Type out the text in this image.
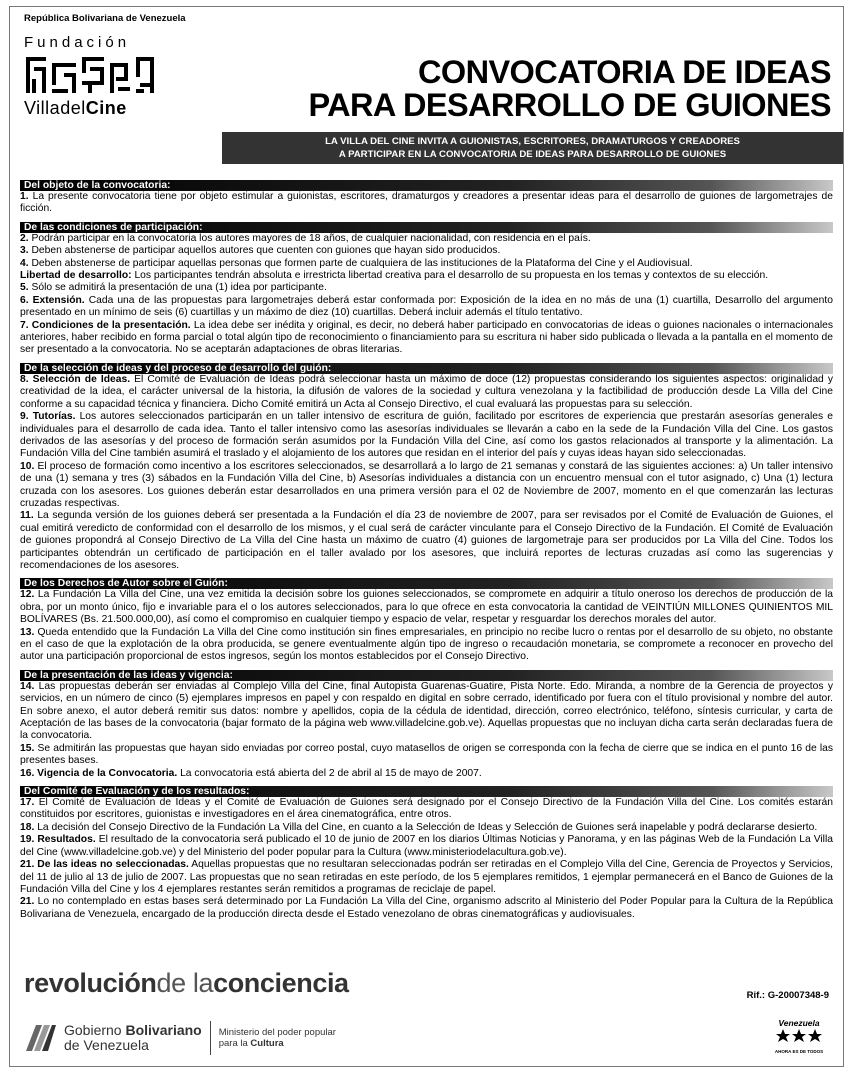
República Bolivariana de Venezuela
Fundación
VilladelCine
CONVOCATORIA DE IDEAS
PARA DESARROLLO DE GUIONES
LA VILLA DEL CINE INVITA A GUIONISTAS, ESCRITORES, DRAMATURGOS Y CREADORES
A PARTICIPAR EN LA CONVOCATORIA DE IDEAS PARA DESARROLLO DE GUIONES
Del objeto de la convocatoria:

1. La presente convocatoria tiene por objeto estimular a guionistas, escritores, dramaturgos y creadores a presentar ideas para el desarrollo de guiones de largometrajes de ficción.

De las condiciones de participación:

2. Podrán participar en la convocatoria los autores mayores de 18 años, de cualquier nacionalidad, con residencia en el país.

3. Deben abstenerse de participar aquellos autores que cuenten con guiones que hayan sido producidos.

4. Deben abstenerse de participar aquellas personas que formen parte de cualquiera de las instituciones de la Plataforma del Cine y el Audiovisual.

Libertad de desarrollo: Los participantes tendrán absoluta e irrestricta libertad creativa para el desarrollo de su propuesta en los temas y contextos de su elección.

5. Sólo se admitirá la presentación de una (1) idea por participante.

6. Extensión. Cada una de las propuestas para largometrajes deberá estar conformada por: Exposición de la idea en no más de una (1) cuartilla, Desarrollo del argumento presentado en un mínimo de seis (6) cuartillas y un máximo de diez (10) cuartillas. Deberá incluir además el título tentativo.

7. Condiciones de la presentación. La idea debe ser inédita y original, es decir, no deberá haber participado en convocatorias de ideas o guiones nacionales o internacionales anteriores, haber recibido en forma parcial o total algún tipo de reconocimiento o financiamiento para su escritura ni haber sido publicada o llevada a la pantalla en el momento de ser presentado a la convocatoria. No se aceptarán adaptaciones de obras literarias.

De la selección de ideas y del proceso de desarrollo del guión:

8. Selección de Ideas. El Comité de Evaluación de Ideas podrá seleccionar hasta un máximo de doce (12) propuestas considerando los siguientes aspectos: originalidad y creatividad de la idea, el carácter universal de la historia, la difusión de valores de la sociedad y cultura venezolana y la factibilidad de producción desde La Villa del Cine conforme a su capacidad técnica y financiera. Dicho Comité emitirá un Acta al Consejo Directivo, el cual evaluará las propuestas para su selección.

9. Tutorías. Los autores seleccionados participarán en un taller intensivo de escritura de guión, facilitado por escritores de experiencia que prestarán asesorías generales e individuales para el desarrollo de cada idea. Tanto el taller intensivo como las asesorías individuales se llevarán a cabo en la sede de la Fundación Villa del Cine. Los gastos derivados de las asesorías y del proceso de formación serán asumidos por la Fundación Villa del Cine, así como los gastos relacionados al transporte y la alimentación. La Fundación Villa del Cine también asumirá el traslado y el alojamiento de los autores que residan en el interior del país y cuyas ideas hayan sido seleccionadas.

10. El proceso de formación como incentivo a los escritores seleccionados, se desarrollará a lo largo de 21 semanas y constará de las siguientes acciones: a) Un taller intensivo de una (1) semana y tres (3) sábados en la Fundación Villa del Cine, b) Asesorías individuales a distancia con un encuentro mensual con el tutor asignado, c) Una (1) lectura cruzada con los asesores. Los guiones deberán estar desarrollados en una primera versión para el 02 de Noviembre de 2007, momento en el que comenzarán las lecturas cruzadas respectivas.

11. La segunda versión de los guiones deberá ser presentada a la Fundación el día 23 de noviembre de 2007, para ser revisados por el Comité de Evaluación de Guiones, el cual emitirá veredicto de conformidad con el desarrollo de los mismos, y el cual será de carácter vinculante para el Consejo Directivo de la Fundación. El Comité de Evaluación de guiones propondrá al Consejo Directivo de La Villa del Cine hasta un máximo de cuatro (4) guiones de largometraje para ser producidos por La Villa del Cine. Todos los participantes obtendrán un certificado de participación en el taller avalado por los asesores, que incluirá reportes de lecturas cruzadas así como las sugerencias y recomendaciones de los asesores.

De los Derechos de Autor sobre el Guión:

12. La Fundación La Villa del Cine, una vez emitida la decisión sobre los guiones seleccionados, se compromete en adquirir a título oneroso los derechos de producción de la obra, por un monto único, fijo e invariable para el o los autores seleccionados, para lo que ofrece en esta convocatoria la cantidad de VEINTIÚN MILLONES QUINIENTOS MIL BOLÍVARES (Bs. 21.500.000,00), así como el compromiso en cualquier tiempo y espacio de velar, respetar y resguardar los derechos morales del autor.

13. Queda entendido que la Fundación La Villa del Cine como institución sin fines empresariales, en principio no recibe lucro o rentas por el desarrollo de su objeto, no obstante en el caso de que la explotación de la obra producida, se genere eventualmente algún tipo de ingreso o recaudación monetaria, se compromete a reconocer en provecho del autor una participación proporcional de estos ingresos, según los montos establecidos por el Consejo Directivo.

De la presentación de las ideas y vigencia:

14. Las propuestas deberán ser enviadas al Complejo Villa del Cine, final Autopista Guarenas-Guatire, Pista Norte. Edo. Miranda, a nombre de la Gerencia de proyectos y servicios, en un número de cinco (5) ejemplares impresos en papel y con respaldo en digital en sobre cerrado, identificado por fuera con el título provisional y nombre del autor. En sobre anexo, el autor deberá remitir sus datos: nombre y apellidos, copia de la cédula de identidad, dirección, correo electrónico, teléfono, síntesis curricular, y carta de Aceptación de las bases de la convocatoria (bajar formato de la página web www.villadelcine.gob.ve). Aquellas propuestas que no incluyan dicha carta serán declaradas fuera de la convocatoria.

15. Se admitirán las propuestas que hayan sido enviadas por correo postal, cuyo matasellos de origen se corresponda con la fecha de cierre que se indica en el punto 16 de las presentes bases.

16. Vigencia de la Convocatoria. La convocatoria está abierta del 2 de abril al 15 de mayo de 2007.

Del Comité de Evaluación y de los resultados:

17. El Comité de Evaluación de Ideas y el Comité de Evaluación de Guiones será designado por el Consejo Directivo de la Fundación Villa del Cine. Los comités estarán constituidos por escritores, guionistas e investigadores en el área cinematográfica, entre otros.

18. La decisión del Consejo Directivo de la Fundación La Villa del Cine, en cuanto a la Selección de Ideas y Selección de Guiones será inapelable y podrá declararse desierto.

19. Resultados. El resultado de la convocatoria será publicado el 10 de junio de 2007 en los diarios Últimas Noticias y Panorama, y en las páginas Web de la Fundación La Villa del Cine (www.villadelcine.gob.ve) y del Ministerio del poder popular para la Cultura (www.ministeriodelacultura.gob.ve).

21. De las ideas no seleccionadas. Aquellas propuestas que no resultaran seleccionadas podrán ser retiradas en el Complejo Villa del Cine, Gerencia de Proyectos y Servicios, del 11 de julio al 13 de julio de 2007. Las propuestas que no sean retiradas en este período, de los 5 ejemplares remitidos, 1 ejemplar permanecerá en el Banco de Guiones de la Fundación Villa del Cine y los 4 ejemplares restantes serán remitidos a programas de reciclaje de papel.

21. Lo no contemplado en estas bases será determinado por La Fundación La Villa del Cine, organismo adscrito al Ministerio del Poder Popular para la Cultura de la República Bolivariana de Venezuela, encargado de la producción directa desde el Estado venezolano de obras cinematográficas y audiovisuales.

revoluciónde laconciencia	Rif.: G-20007348-9
Gobierno Bolivariano
de Venezuela
Ministerio del poder popular
para la Cultura
Venezuela
AHORA ES DE TODOS
